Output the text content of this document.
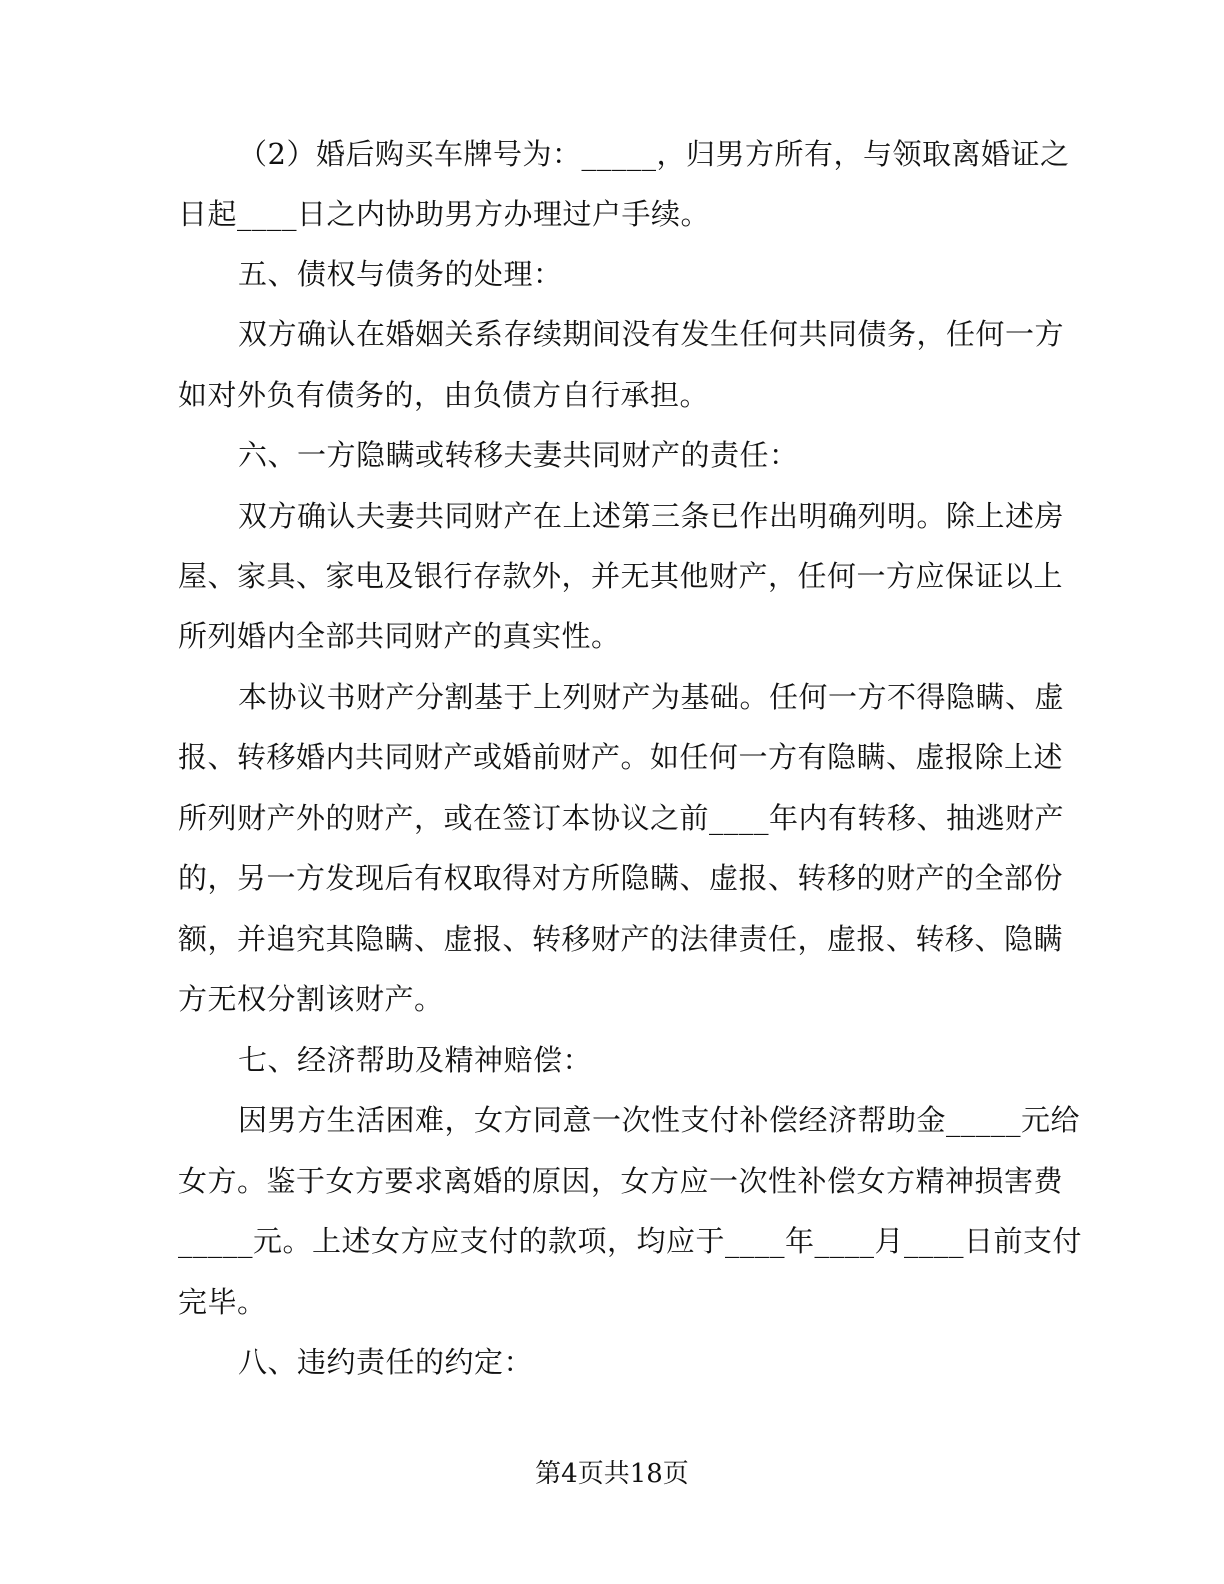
（2）婚后购买车牌号为：_____，归男方所有，与领取离婚证之
日起____日之内协助男方办理过户手续。
五、债权与债务的处理：
双方确认在婚姻关系存续期间没有发生任何共同债务，任何一方
如对外负有债务的，由负债方自行承担。
六、一方隐瞒或转移夫妻共同财产的责任：
双方确认夫妻共同财产在上述第三条已作出明确列明。除上述房
屋、家具、家电及银行存款外，并无其他财产，任何一方应保证以上
所列婚内全部共同财产的真实性。
本协议书财产分割基于上列财产为基础。任何一方不得隐瞒、虚
报、转移婚内共同财产或婚前财产。如任何一方有隐瞒、虚报除上述
所列财产外的财产，或在签订本协议之前____年内有转移、抽逃财产
的，另一方发现后有权取得对方所隐瞒、虚报、转移的财产的全部份
额，并追究其隐瞒、虚报、转移财产的法律责任，虚报、转移、隐瞒
方无权分割该财产。
七、经济帮助及精神赔偿：
因男方生活困难，女方同意一次性支付补偿经济帮助金_____元给
女方。鉴于女方要求离婚的原因，女方应一次性补偿女方精神损害费
_____元。上述女方应支付的款项，均应于____年____月____日前支付
完毕。
八、违约责任的约定：
第4页共18页
